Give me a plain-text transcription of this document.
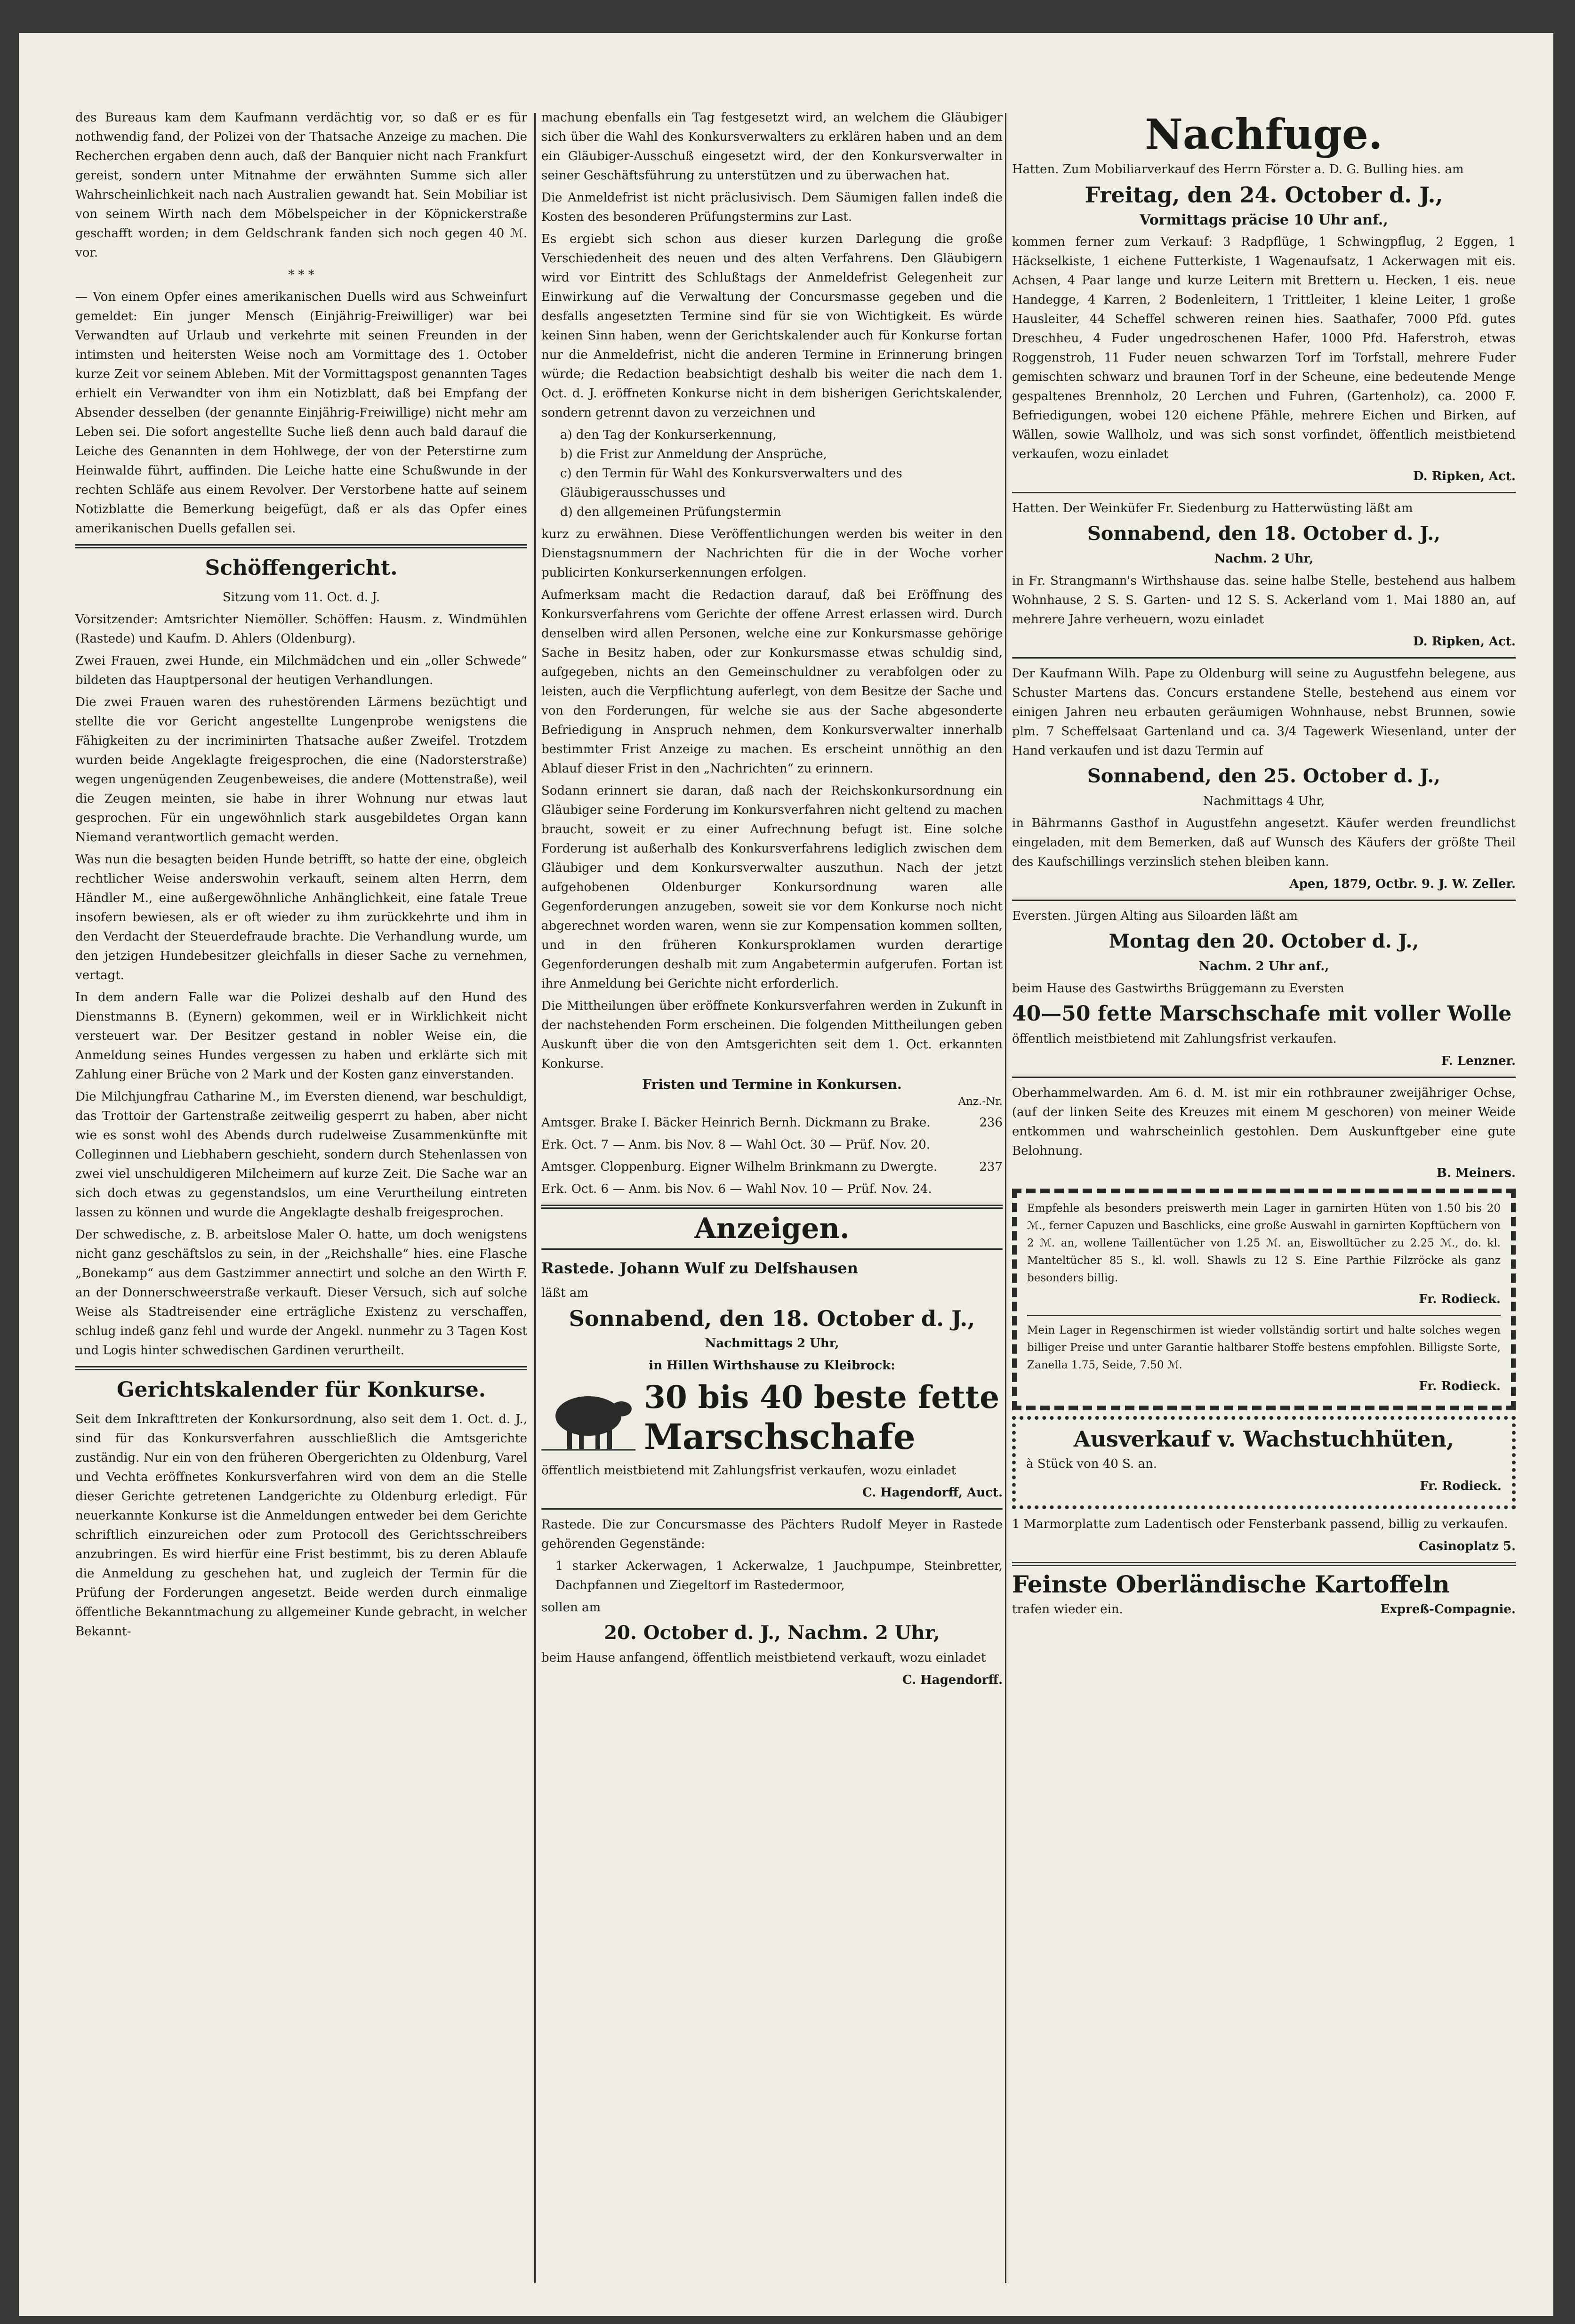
des Bureaus kam dem Kaufmann verdächtig vor, so daß er es für nothwendig fand, der Polizei von der Thatsache Anzeige zu machen. Die Recherchen ergaben denn auch, daß der Banquier nicht nach Frankfurt gereist, sondern unter Mitnahme der erwähnten Summe sich aller Wahrscheinlichkeit nach nach Australien gewandt hat. Sein Mobiliar ist von seinem Wirth nach dem Möbelspeicher in der Köpnickerstraße geschafft worden; in dem Geldschrank fanden sich noch gegen 40 ℳ. vor.

* * *

— Von einem Opfer eines amerikanischen Duells wird aus Schweinfurt gemeldet: Ein junger Mensch (Einjährig-Freiwilliger) war bei Verwandten auf Urlaub und verkehrte mit seinen Freunden in der intimsten und heitersten Weise noch am Vormittage des 1. October kurze Zeit vor seinem Ableben. Mit der Vormittagspost genannten Tages erhielt ein Verwandter von ihm ein Notizblatt, daß bei Empfang der Absender desselben (der genannte Einjährig-Freiwillige) nicht mehr am Leben sei. Die sofort angestellte Suche ließ denn auch bald darauf die Leiche des Genannten in dem Hohlwege, der von der Peterstirne zum Heinwalde führt, auffinden. Die Leiche hatte eine Schußwunde in der rechten Schläfe aus einem Revolver. Der Verstorbene hatte auf seinem Notizblatte die Bemerkung beigefügt, daß er als das Opfer eines amerikanischen Duells gefallen sei.

Schöffengericht.

Sitzung vom 11. Oct. d. J.

Vorsitzender: Amtsrichter Niemöller. Schöffen: Hausm. z. Windmühlen (Rastede) und Kaufm. D. Ahlers (Oldenburg).

Zwei Frauen, zwei Hunde, ein Milchmädchen und ein „oller Schwede“ bildeten das Hauptpersonal der heutigen Verhandlungen.

Die zwei Frauen waren des ruhestörenden Lärmens bezüchtigt und stellte die vor Gericht angestellte Lungenprobe wenigstens die Fähigkeiten zu der incriminirten Thatsache außer Zweifel. Trotzdem wurden beide Angeklagte freigesprochen, die eine (Nadorsterstraße) wegen ungenügenden Zeugenbeweises, die andere (Mottenstraße), weil die Zeugen meinten, sie habe in ihrer Wohnung nur etwas laut gesprochen. Für ein ungewöhnlich stark ausgebildetes Organ kann Niemand verantwortlich gemacht werden.

Was nun die besagten beiden Hunde betrifft, so hatte der eine, obgleich rechtlicher Weise anderswohin verkauft, seinem alten Herrn, dem Händler M., eine außergewöhnliche Anhänglichkeit, eine fatale Treue insofern bewiesen, als er oft wieder zu ihm zurückkehrte und ihm in den Verdacht der Steuerdefraude brachte. Die Verhandlung wurde, um den jetzigen Hundebesitzer gleichfalls in dieser Sache zu vernehmen, vertagt.

In dem andern Falle war die Polizei deshalb auf den Hund des Dienstmanns B. (Eynern) gekommen, weil er in Wirklichkeit nicht versteuert war. Der Besitzer gestand in nobler Weise ein, die Anmeldung seines Hundes vergessen zu haben und erklärte sich mit Zahlung einer Brüche von 2 Mark und der Kosten ganz einverstanden.

Die Milchjungfrau Catharine M., im Eversten dienend, war beschuldigt, das Trottoir der Gartenstraße zeitweilig gesperrt zu haben, aber nicht wie es sonst wohl des Abends durch rudelweise Zusammenkünfte mit Colleginnen und Liebhabern geschieht, sondern durch Stehenlassen von zwei viel unschuldigeren Milcheimern auf kurze Zeit. Die Sache war an sich doch etwas zu gegenstandslos, um eine Verurtheilung eintreten lassen zu können und wurde die Angeklagte deshalb freigesprochen.

Der schwedische, z. B. arbeitslose Maler O. hatte, um doch wenigstens nicht ganz geschäftslos zu sein, in der „Reichshalle“ hies. eine Flasche „Bonekamp“ aus dem Gastzimmer annectirt und solche an den Wirth F. an der Donnerschweerstraße verkauft. Dieser Versuch, sich auf solche Weise als Stadtreisender eine erträgliche Existenz zu verschaffen, schlug indeß ganz fehl und wurde der Angekl. nunmehr zu 3 Tagen Kost und Logis hinter schwedischen Gardinen verurtheilt.

Gerichtskalender für Konkurse.

Seit dem Inkrafttreten der Konkursordnung, also seit dem 1. Oct. d. J., sind für das Konkursverfahren ausschließlich die Amtsgerichte zuständig. Nur ein von den früheren Obergerichten zu Oldenburg, Varel und Vechta eröffnetes Konkursverfahren wird von dem an die Stelle dieser Gerichte getretenen Landgerichte zu Oldenburg erledigt. Für neuerkannte Konkurse ist die Anmeldungen entweder bei dem Gerichte schriftlich einzureichen oder zum Protocoll des Gerichtsschreibers anzubringen. Es wird hierfür eine Frist bestimmt, bis zu deren Ablaufe die Anmeldung zu geschehen hat, und zugleich der Termin für die Prüfung der Forderungen angesetzt. Beide werden durch einmalige öffentliche Bekanntmachung zu allgemeiner Kunde gebracht, in welcher Bekannt-

machung ebenfalls ein Tag festgesetzt wird, an welchem die Gläubiger sich über die Wahl des Konkursverwalters zu erklären haben und an dem ein Gläubiger-Ausschuß eingesetzt wird, der den Konkursverwalter in seiner Geschäftsführung zu unterstützen und zu überwachen hat.

Die Anmeldefrist ist nicht präclusivisch. Dem Säumigen fallen indeß die Kosten des besonderen Prüfungstermins zur Last.

Es ergiebt sich schon aus dieser kurzen Darlegung die große Verschiedenheit des neuen und des alten Verfahrens. Den Gläubigern wird vor Eintritt des Schlußtags der Anmeldefrist Gelegenheit zur Einwirkung auf die Verwaltung der Concursmasse gegeben und die desfalls angesetzten Termine sind für sie von Wichtigkeit. Es würde keinen Sinn haben, wenn der Gerichtskalender auch für Konkurse fortan nur die Anmeldefrist, nicht die anderen Termine in Erinnerung bringen würde; die Redaction beabsichtigt deshalb bis weiter die nach dem 1. Oct. d. J. eröffneten Konkurse nicht in dem bisherigen Gerichtskalender, sondern getrennt davon zu verzeichnen und

a) den Tag der Konkurserkennung,
b) die Frist zur Anmeldung der Ansprüche,
c) den Termin für Wahl des Konkursverwalters und des Gläubigerausschusses und
d) den allgemeinen Prüfungstermin

kurz zu erwähnen. Diese Veröffentlichungen werden bis weiter in den Dienstagsnummern der Nachrichten für die in der Woche vorher publicirten Konkurserkennungen erfolgen.

Aufmerksam macht die Redaction darauf, daß bei Eröffnung des Konkursverfahrens vom Gerichte der offene Arrest erlassen wird. Durch denselben wird allen Personen, welche eine zur Konkursmasse gehörige Sache in Besitz haben, oder zur Konkursmasse etwas schuldig sind, aufgegeben, nichts an den Gemeinschuldner zu verabfolgen oder zu leisten, auch die Verpflichtung auferlegt, von dem Besitze der Sache und von den Forderungen, für welche sie aus der Sache abgesonderte Befriedigung in Anspruch nehmen, dem Konkursverwalter innerhalb bestimmter Frist Anzeige zu machen. Es erscheint unnöthig an den Ablauf dieser Frist in den „Nachrichten“ zu erinnern.

Sodann erinnert sie daran, daß nach der Reichskonkursordnung ein Gläubiger seine Forderung im Konkursverfahren nicht geltend zu machen braucht, soweit er zu einer Aufrechnung befugt ist. Eine solche Forderung ist außerhalb des Konkursverfahrens lediglich zwischen dem Gläubiger und dem Konkursverwalter auszuthun. Nach der jetzt aufgehobenen Oldenburger Konkursordnung waren alle Gegenforderungen anzugeben, soweit sie vor dem Konkurse noch nicht abgerechnet worden waren, wenn sie zur Kompensation kommen sollten, und in den früheren Konkursproklamen wurden derartige Gegenforderungen deshalb mit zum Angabetermin aufgerufen. Fortan ist ihre Anmeldung bei Gerichte nicht erforderlich.

Die Mittheilungen über eröffnete Konkursverfahren werden in Zukunft in der nachstehenden Form erscheinen. Die folgenden Mittheilungen geben Auskunft über die von den Amtsgerichten seit dem 1. Oct. erkannten Konkurse.

Fristen und Termine in Konkursen.

Anz.-Nr.

Amtsger. Brake I. Bäcker Heinrich Bernh. Dickmann zu Brake.	236

Erk. Oct. 7 — Anm. bis Nov. 8 — Wahl Oct. 30 — Prüf. Nov. 20.

Amtsger. Cloppenburg. Eigner Wilhelm Brinkmann zu Dwergte.	237

Erk. Oct. 6 — Anm. bis Nov. 6 — Wahl Nov. 10 — Prüf. Nov. 24.

Anzeigen.

Rastede. Johann Wulf zu Delfshausen

läßt am

Sonnabend, den 18. October d. J.,

Nachmittags 2 Uhr,

in Hillen Wirthshause zu Kleibrock:

30 bis 40 beste fette
Marschschafe

öffentlich meistbietend mit Zahlungsfrist verkaufen, wozu einladet

C. Hagendorff, Auct.

Rastede. Die zur Concursmasse des Pächters Rudolf Meyer in Rastede gehörenden Gegenstände:

1 starker Ackerwagen, 1 Ackerwalze, 1 Jauchpumpe, Steinbretter, Dachpfannen und Ziegeltorf im Rastedermoor,

sollen am

20. October d. J., Nachm. 2 Uhr,

beim Hause anfangend, öffentlich meistbietend verkauft, wozu einladet

C. Hagendorff.

Nachfuge.

Hatten. Zum Mobiliarverkauf des Herrn Förster a. D. G. Bulling hies. am

Freitag, den 24. October d. J.,

Vormittags präcise 10 Uhr anf.,

kommen ferner zum Verkauf: 3 Radpflüge, 1 Schwingpflug, 2 Eggen, 1 Häckselkiste, 1 eichene Futterkiste, 1 Wagenaufsatz, 1 Ackerwagen mit eis. Achsen, 4 Paar lange und kurze Leitern mit Brettern u. Hecken, 1 eis. neue Handegge, 4 Karren, 2 Bodenleitern, 1 Trittleiter, 1 kleine Leiter, 1 große Hausleiter, 44 Scheffel schweren reinen hies. Saathafer, 7000 Pfd. gutes Dreschheu, 4 Fuder ungedroschenen Hafer, 1000 Pfd. Haferstroh, etwas Roggenstroh, 11 Fuder neuen schwarzen Torf im Torfstall, mehrere Fuder gemischten schwarz und braunen Torf in der Scheune, eine bedeutende Menge gespaltenes Brennholz, 20 Lerchen und Fuhren, (Gartenholz), ca. 2000 F. Befriedigungen, wobei 120 eichene Pfähle, mehrere Eichen und Birken, auf Wällen, sowie Wallholz, und was sich sonst vorfindet, öffentlich meistbietend verkaufen, wozu einladet

D. Ripken, Act.

Hatten. Der Weinküfer Fr. Siedenburg zu Hatterwüsting läßt am

Sonnabend, den 18. October d. J.,

Nachm. 2 Uhr,

in Fr. Strangmann's Wirthshause das. seine halbe Stelle, bestehend aus halbem Wohnhause, 2 S. S. Garten- und 12 S. S. Ackerland vom 1. Mai 1880 an, auf mehrere Jahre verheuern, wozu einladet

D. Ripken, Act.

Der Kaufmann Wilh. Pape zu Oldenburg will seine zu Augustfehn belegene, aus Schuster Martens das. Concurs erstandene Stelle, bestehend aus einem vor einigen Jahren neu erbauten geräumigen Wohnhause, nebst Brunnen, sowie plm. 7 Scheffelsaat Gartenland und ca. 3/4 Tagewerk Wiesenland, unter der Hand verkaufen und ist dazu Termin auf

Sonnabend, den 25. October d. J.,

Nachmittags 4 Uhr,

in Bährmanns Gasthof in Augustfehn angesetzt. Käufer werden freundlichst eingeladen, mit dem Bemerken, daß auf Wunsch des Käufers der größte Theil des Kaufschillings verzinslich stehen bleiben kann.

Apen, 1879, Octbr. 9. J. W. Zeller.

Eversten. Jürgen Alting aus Siloarden läßt am

Montag den 20. October d. J.,

Nachm. 2 Uhr anf.,

beim Hause des Gastwirths Brüggemann zu Eversten

40—50 fette Marschschafe mit voller Wolle

öffentlich meistbietend mit Zahlungsfrist verkaufen.

F. Lenzner.

Oberhammelwarden. Am 6. d. M. ist mir ein rothbrauner zweijähriger Ochse, (auf der linken Seite des Kreuzes mit einem M geschoren) von meiner Weide entkommen und wahrscheinlich gestohlen. Dem Auskunftgeber eine gute Belohnung.

B. Meiners.

Empfehle als besonders preiswerth mein Lager in garnirten Hüten von 1.50 bis 20 ℳ., ferner Capuzen und Baschlicks, eine große Auswahl in garnirten Kopftüchern von 2 ℳ. an, wollene Taillentücher von 1.25 ℳ. an, Eiswolltücher zu 2.25 ℳ., do. kl. Manteltücher 85 S., kl. woll. Shawls zu 12 S. Eine Parthie Filzröcke als ganz besonders billig.

Fr. Rodieck.

Mein Lager in Regenschirmen ist wieder vollständig sortirt und halte solches wegen billiger Preise und unter Garantie haltbarer Stoffe bestens empfohlen. Billigste Sorte, Zanella 1.75, Seide, 7.50 ℳ.

Fr. Rodieck.

Ausverkauf v. Wachstuchhüten,

à Stück von 40 S. an.

Fr. Rodieck.

1 Marmorplatte zum Ladentisch oder Fensterbank passend, billig zu verkaufen.

Casinoplatz 5.

Feinste Oberländische Kartoffeln

trafen wieder ein.	Expreß-Compagnie.
